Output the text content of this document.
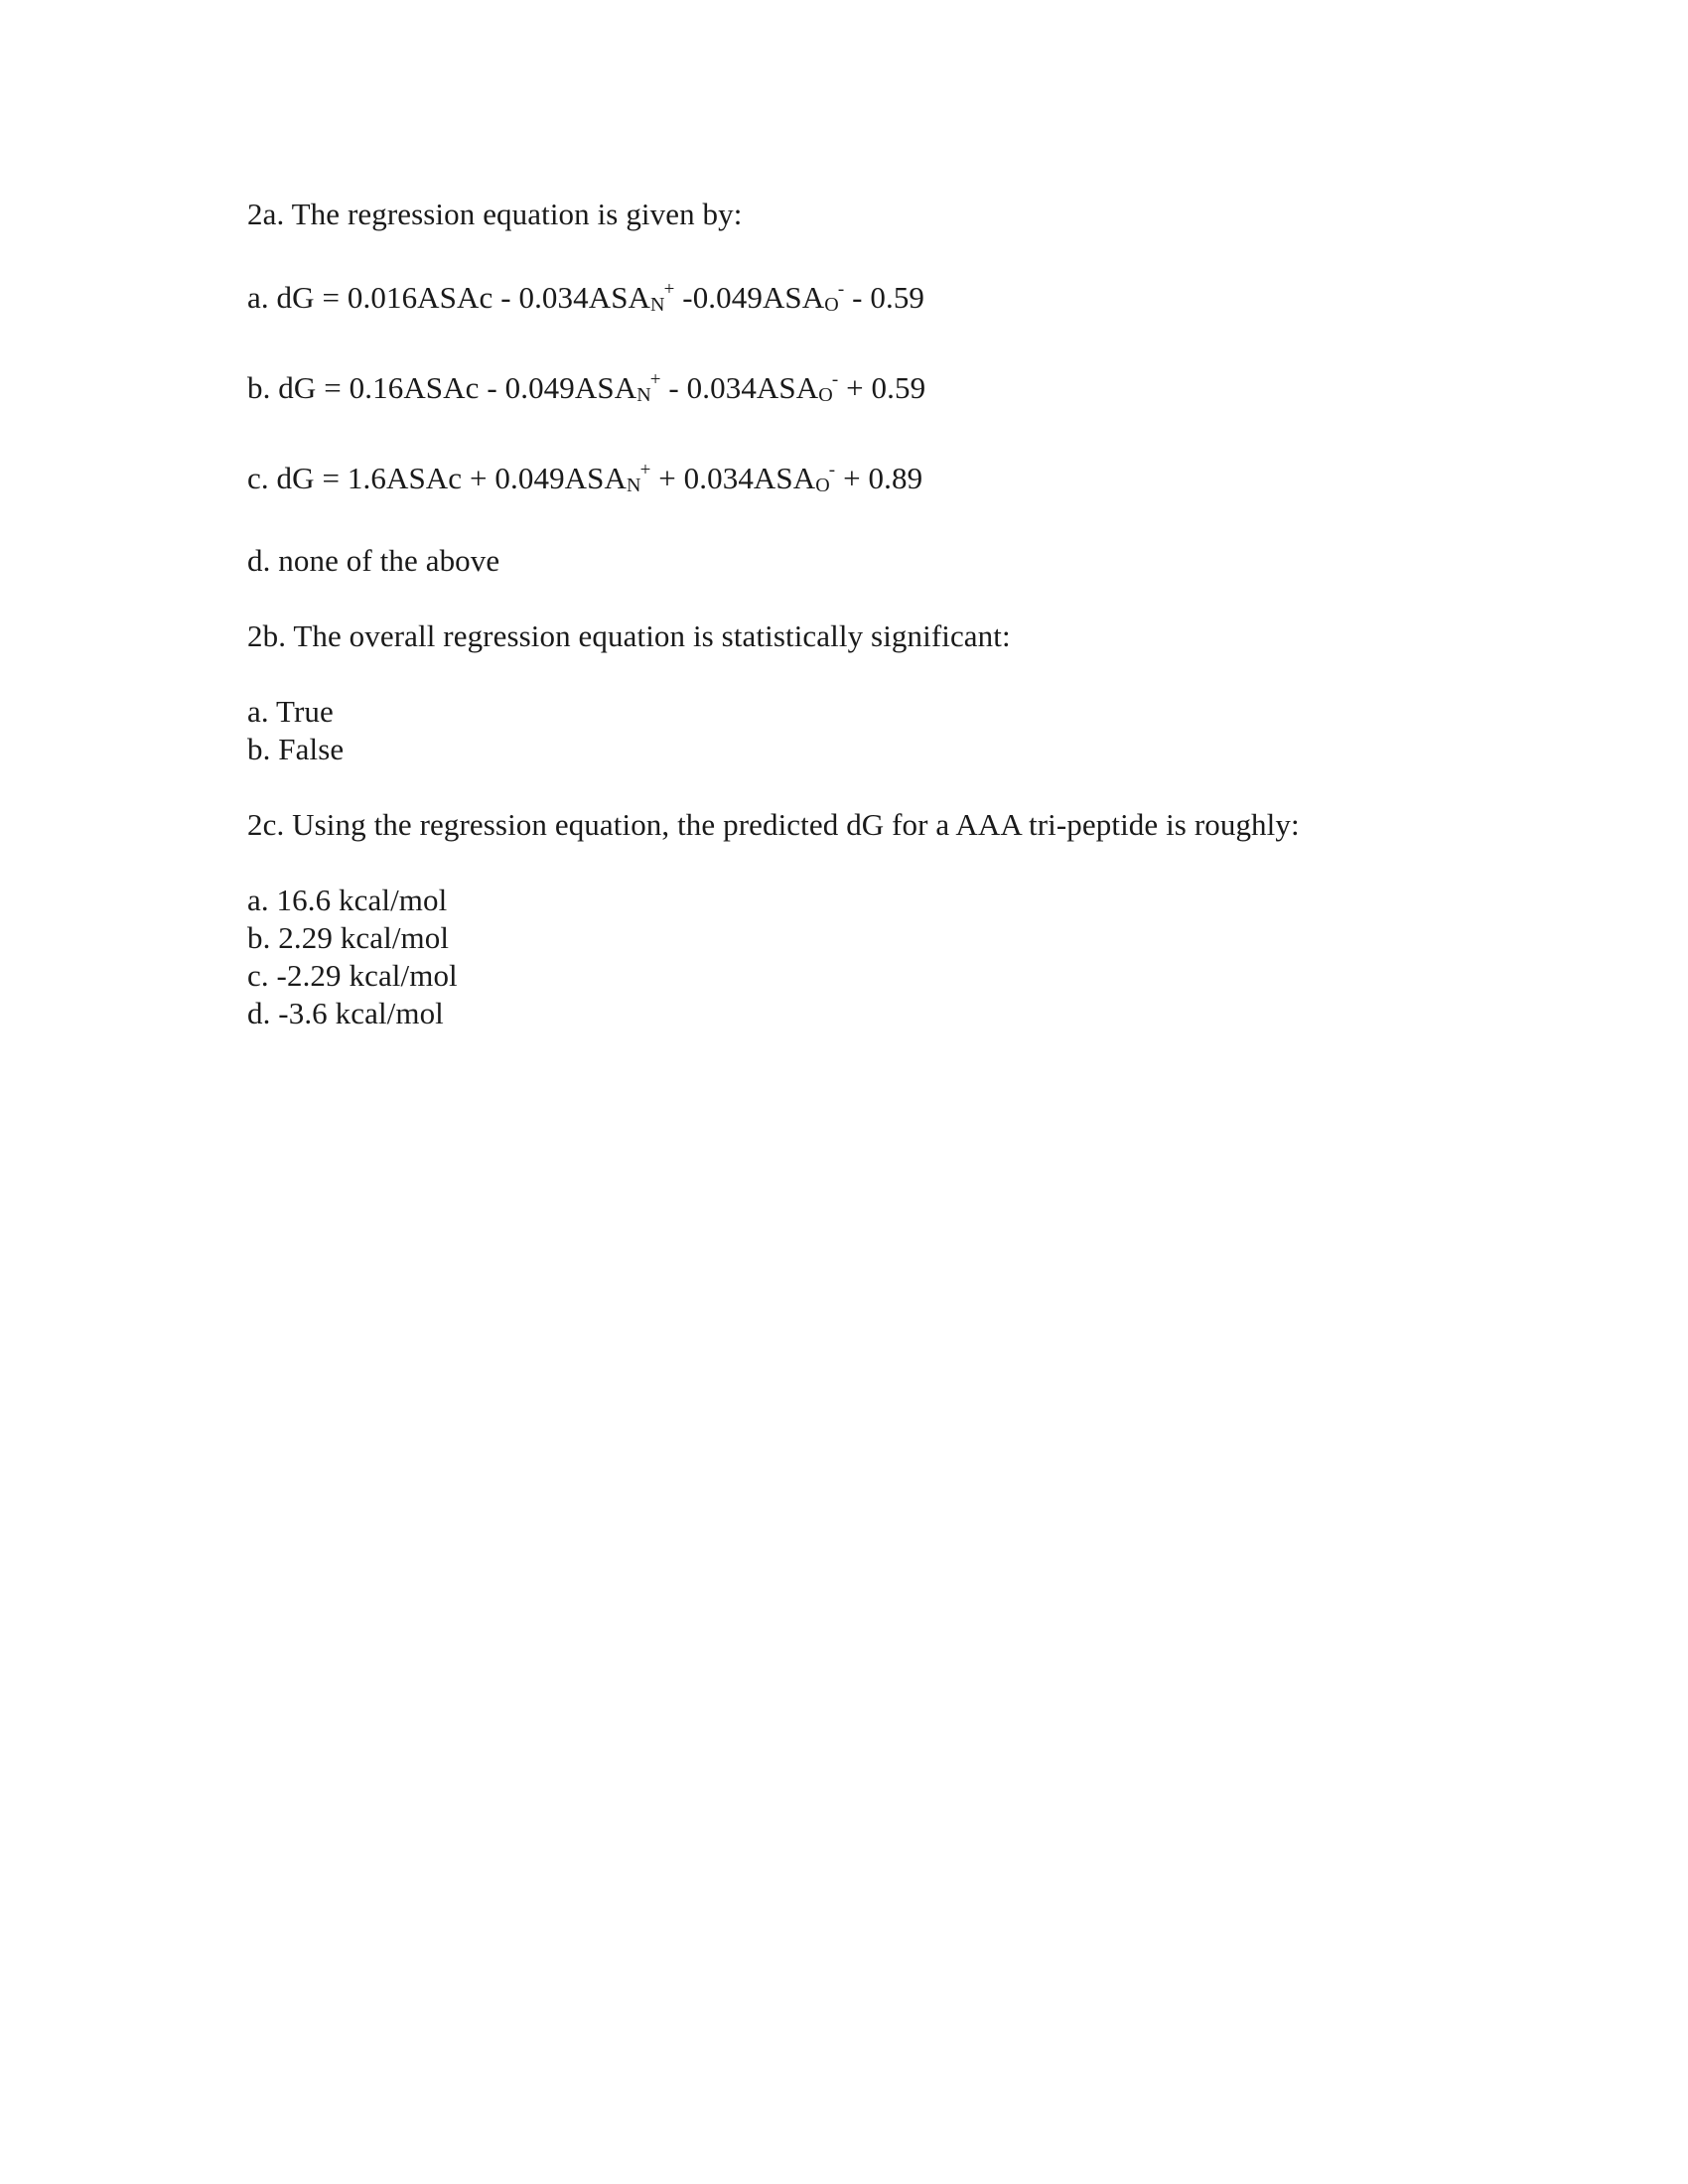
2a. The regression equation is given by:

a. dG = 0.016ASAc - 0.034ASAN+ -0.049ASAO- - 0.59

b. dG = 0.16ASAc - 0.049ASAN+ - 0.034ASAO- + 0.59

c. dG = 1.6ASAc + 0.049ASAN+ + 0.034ASAO- + 0.89

d. none of the above

2b. The overall regression equation is statistically significant:

a. True

b. False

2c. Using the regression equation, the predicted dG for a AAA tri-peptide is roughly:

a. 16.6 kcal/mol

b. 2.29 kcal/mol

c. -2.29 kcal/mol

d. -3.6 kcal/mol
